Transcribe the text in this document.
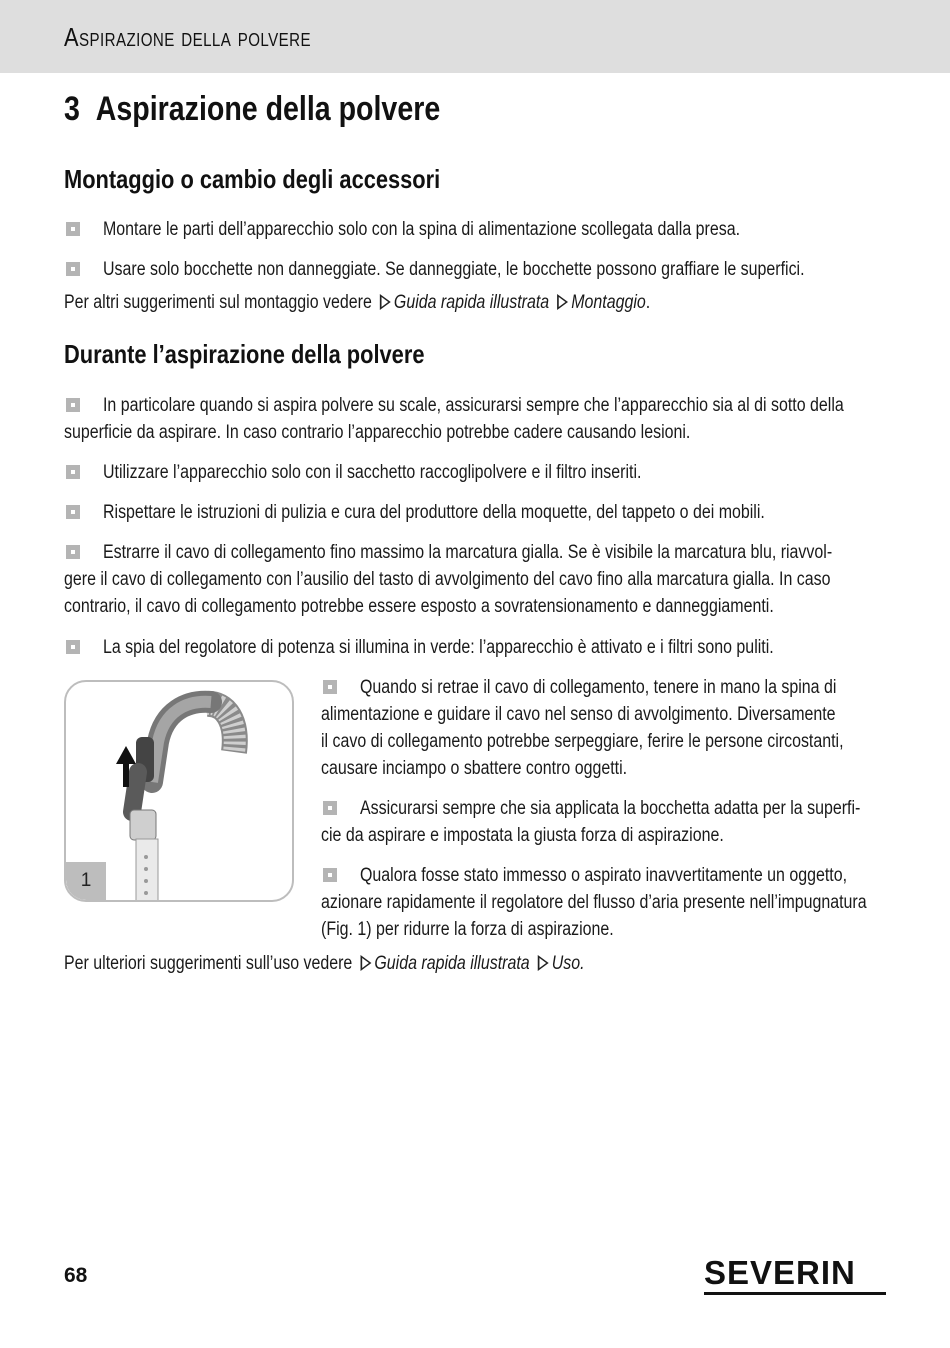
Aspirazione della polvere
3 Aspirazione della polvere
Montaggio o cambio degli accessori
Montare le parti dell’apparecchio solo con la spina di alimentazione scollegata dalla presa.
Usare solo bocchette non danneggiate. Se danneggiate, le bocchette possono graffiare le superfici.
Per altri suggerimenti sul montaggio vedere Guida rapida illustrata Montaggio.
Durante l’aspirazione della polvere
In particolare quando si aspira polvere su scale, assicurarsi sempre che l’apparecchio sia al di sotto della
superficie da aspirare. In caso contrario l’apparecchio potrebbe cadere causando lesioni.
Utilizzare l’apparecchio solo con il sacchetto raccoglipolvere e il filtro inseriti.
Rispettare le istruzioni di pulizia e cura del produttore della moquette, del tappeto o dei mobili.
Estrarre il cavo di collegamento fino massimo la marcatura gialla. Se è visibile la marcatura blu, riavvol-
gere il cavo di collegamento con l’ausilio del tasto di avvolgimento del cavo fino alla marcatura gialla. In caso
contrario, il cavo di collegamento potrebbe essere esposto a sovratensionamento e danneggiamenti.
La spia del regolatore di potenza si illumina in verde: l’apparecchio è attivato e i filtri sono puliti.
1
Quando si retrae il cavo di collegamento, tenere in mano la spina di
alimentazione e guidare il cavo nel senso di avvolgimento. Diversamente
il cavo di collegamento potrebbe serpeggiare, ferire le persone circostanti,
causare inciampo o sbattere contro oggetti.
Assicurarsi sempre che sia applicata la bocchetta adatta per la superfi-
cie da aspirare e impostata la giusta forza di aspirazione.
Qualora fosse stato immesso o aspirato inavvertitamente un oggetto,
azionare rapidamente il regolatore del flusso d’aria presente nell’impugnatura
(Fig. 1) per ridurre la forza di aspirazione.
Per ulteriori suggerimenti sull’uso vedere Guida rapida illustrata Uso.
68	SEVERIN
